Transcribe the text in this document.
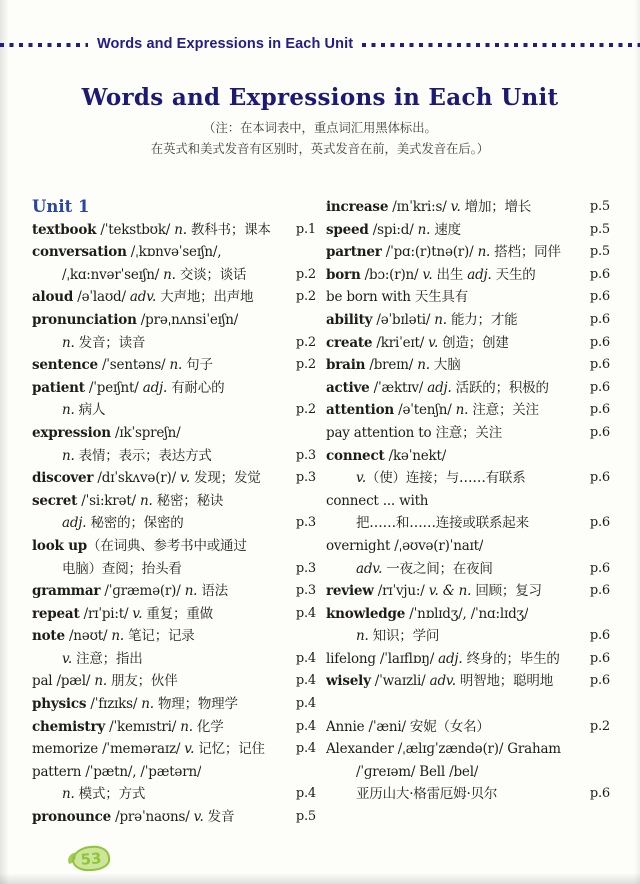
Words and Expressions in Each Unit
Words and Expressions in Each Unit
（注：在本词表中，重点词汇用黑体标出。
在英式和美式发音有区别时，英式发音在前，美式发音在后。）
Unit 1
textbook /ˈtekstbʊk/ n. 教科书；课本	p.1
conversation /ˌkɒnvəˈseɪʃn/,
/ˌkɑ:nvərˈseɪʃn/ n. 交谈；谈话	p.2
aloud /əˈlaʊd/ adv. 大声地；出声地	p.2
pronunciation /prəˌnʌnsiˈeɪʃn/
n. 发音；读音	p.2
sentence /ˈsentəns/ n. 句子	p.2
patient /ˈpeɪʃnt/ adj. 有耐心的
n. 病人	p.2
expression /ɪkˈspreʃn/
n. 表情；表示；表达方式	p.3
discover /dɪˈskʌvə(r)/ v. 发现；发觉	p.3
secret /ˈsi:krət/ n. 秘密；秘诀
adj. 秘密的；保密的	p.3
look up（在词典、参考书中或通过
电脑）查阅；抬头看	p.3
grammar /ˈɡræmə(r)/ n. 语法	p.3
repeat /rɪˈpi:t/ v. 重复；重做	p.4
note /nəʊt/ n. 笔记；记录
v. 注意；指出	p.4
pal /pæl/ n. 朋友；伙伴	p.4
physics /ˈfɪzɪks/ n. 物理；物理学	p.4
chemistry /ˈkemɪstri/ n. 化学	p.4
memorize /ˈmeməraɪz/ v. 记忆；记住	p.4
pattern /ˈpætn/, /ˈpætərn/
n. 模式；方式	p.4
pronounce /prəˈnaʊns/ v. 发音	p.5
increase /ɪnˈkri:s/ v. 增加；增长	p.5
speed /spi:d/ n. 速度	p.5
partner /ˈpɑ:(r)tnə(r)/ n. 搭档；同伴	p.5
born /bɔ:(r)n/ v. 出生 adj. 天生的	p.6
be born with 天生具有	p.6
ability /əˈbɪləti/ n. 能力；才能	p.6
create /kriˈeɪt/ v. 创造；创建	p.6
brain /breɪn/ n. 大脑	p.6
active /ˈæktɪv/ adj. 活跃的；积极的	p.6
attention /əˈtenʃn/ n. 注意；关注	p.6
pay attention to 注意；关注	p.6
connect /kəˈnekt/
v.（使）连接；与……有联系	p.6
connect ... with
把……和……连接或联系起来	p.6
overnight /ˌəʊvə(r)ˈnaɪt/
adv. 一夜之间；在夜间	p.6
review /rɪˈvju:/ v. & n. 回顾；复习	p.6
knowledge /ˈnɒlɪdʒ/, /ˈnɑ:lɪdʒ/
n. 知识；学问	p.6
lifelong /ˈlaɪflɒŋ/ adj. 终身的；毕生的	p.6
wisely /ˈwaɪzli/ adv. 明智地；聪明地	p.6
Annie /ˈæni/ 安妮（女名）	p.2
Alexander /ˌælɪɡˈzændə(r)/ Graham
/ˈɡreɪəm/ Bell /bel/
亚历山大·格雷厄姆·贝尔	p.6
53
